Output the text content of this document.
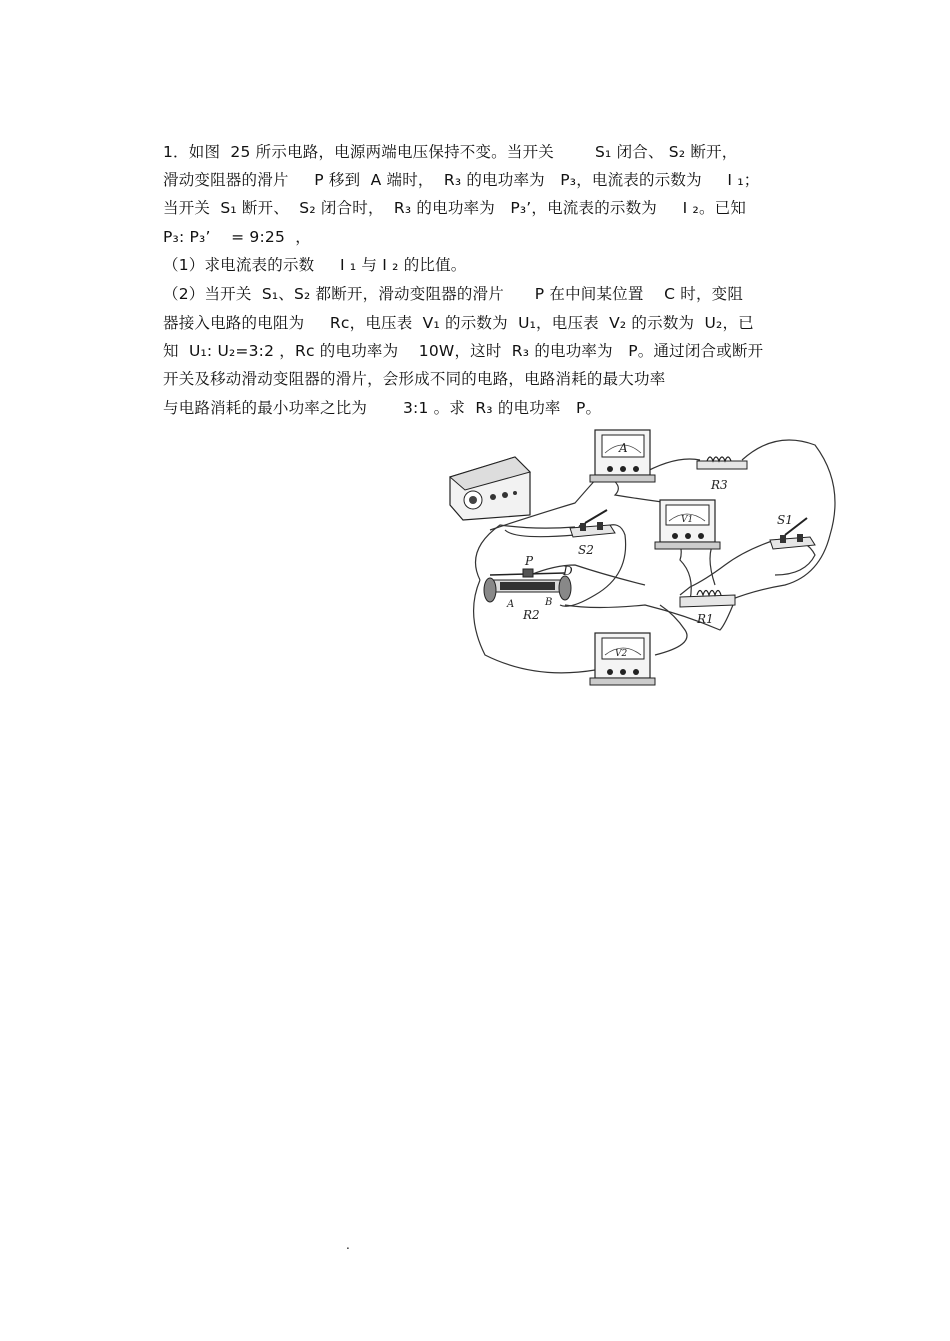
1．如图  25 所示电路，电源两端电压保持不变。当开关        S₁ 闭合、 S₂ 断开，
滑动变阻器的滑片     P 移到  A 端时，  R₃ 的电功率为   P₃，电流表的示数为     I ₁；
当开关  S₁ 断开、  S₂ 闭合时，  R₃ 的电功率为   P₃’，电流表的示数为     I ₂。已知
P₃: P₃’    = 9:25  ，
（1）求电流表的示数     I ₁ 与 I ₂ 的比值。
（2）当开关  S₁、S₂ 都断开，滑动变阻器的滑片      P 在中间某位置    C 时，变阻
器接入电路的电阻为     Rc，电压表  V₁ 的示数为  U₁，电压表  V₂ 的示数为  U₂，已
知  U₁: U₂=3:2 ，Rc 的电功率为    10W，这时  R₃ 的电功率为   P。通过闭合或断开
开关及移动滑动变阻器的滑片，会形成不同的电路，电路消耗的最大功率
与电路消耗的最小功率之比为       3:1 。求  R₃ 的电功率   P。
A
V1
V2
R3
S1
S2
P
D
A	B
R2	R1
.
